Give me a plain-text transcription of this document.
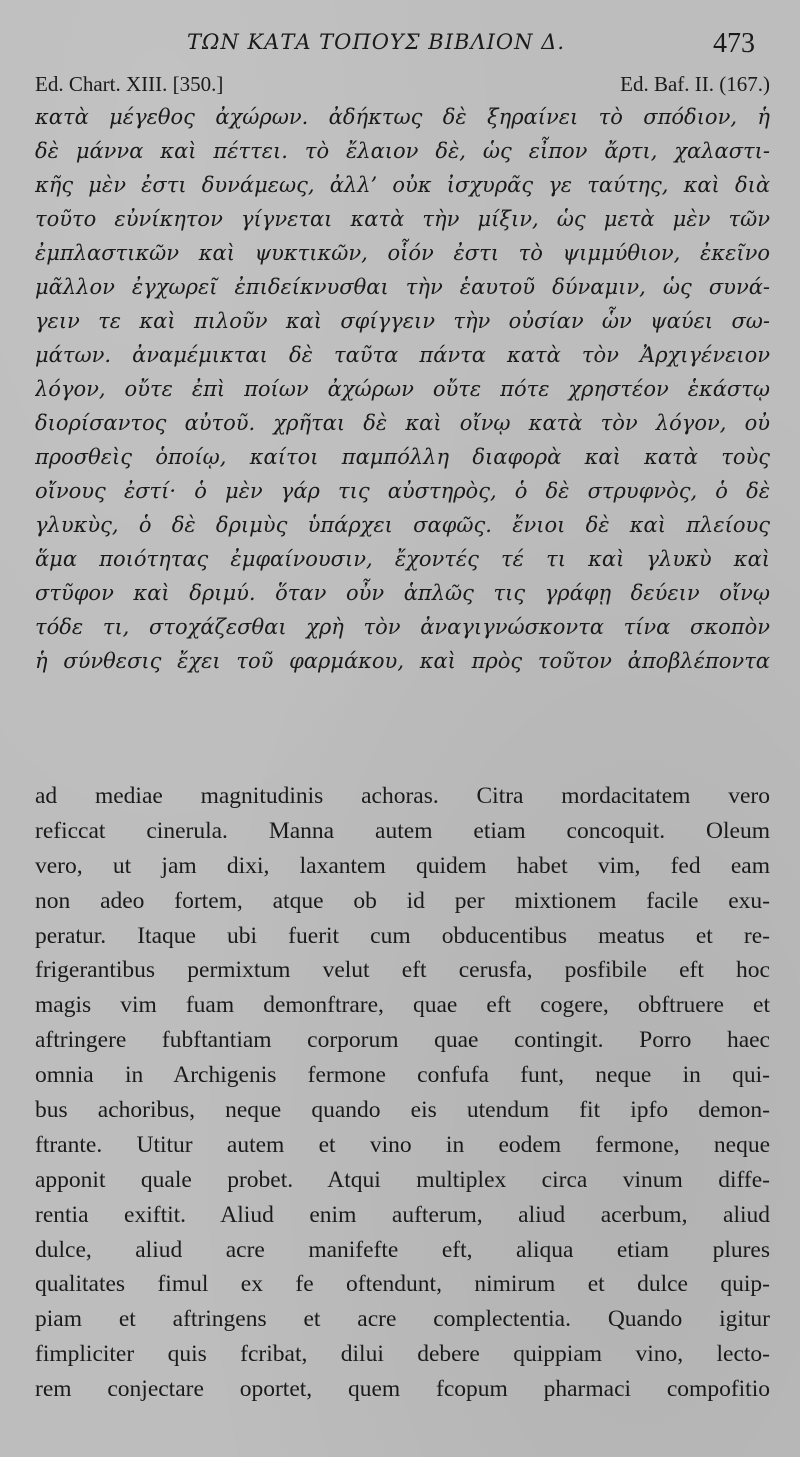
ΤΩΝ ΚΑΤΑ ΤΟΠΟΥΣ ΒΙΒΛΙΟΝ Δ.	473
Ed. Chart. XIII. [350.]	Ed. Baf. II. (167.)
κατὰ μέγεθος ἀχώρων. ἀδήκτως δὲ ξηραίνει τὸ σπόδιον, ἡ
δὲ μάννα καὶ πέττει. τὸ ἔλαιον δὲ, ὡς εἶπον ἄρτι, χαλαστι-
κῆς μὲν ἐστι δυνάμεως, ἀλλ’ οὐκ ἰσχυρᾶς γε ταύτης, καὶ διὰ
τοῦτο εὐνίκητον γίγνεται κατὰ τὴν μίξιν, ὡς μετὰ μὲν τῶν
ἐμπλαστικῶν καὶ ψυκτικῶν, οἷόν ἐστι τὸ ψιμμύθιον, ἐκεῖνο
μᾶλλον ἐγχωρεῖ ἐπιδείκνυσθαι τὴν ἑαυτοῦ δύναμιν, ὡς συνά-
γειν τε καὶ πιλοῦν καὶ σφίγγειν τὴν οὐσίαν ὧν ψαύει σω-
μάτων. ἀναμέμικται δὲ ταῦτα πάντα κατὰ τὸν Ἀρχιγένειον
λόγον, οὔτε ἐπὶ ποίων ἀχώρων οὔτε πότε χρηστέον ἑκάστῳ
διορίσαντος αὐτοῦ. χρῆται δὲ καὶ οἴνῳ κατὰ τὸν λόγον, οὐ
προσθεὶς ὁποίῳ, καίτοι παμπόλλη διαφορὰ καὶ κατὰ τοὺς
οἴνους ἐστί· ὁ μὲν γάρ τις αὐστηρὸς, ὁ δὲ στρυφνὸς, ὁ δὲ
γλυκὺς, ὁ δὲ δριμὺς ὑπάρχει σαφῶς. ἔνιοι δὲ καὶ πλείους
ἅμα ποιότητας ἐμφαίνουσιν, ἔχοντές τέ τι καὶ γλυκὺ καὶ
στῦφον καὶ δριμύ. ὅταν οὖν ἁπλῶς τις γράφῃ δεύειν οἴνῳ
τόδε τι, στοχάζεσθαι χρὴ τὸν ἀναγιγνώσκοντα τίνα σκοπὸν
ἡ σύνθεσις ἔχει τοῦ φαρμάκου, καὶ πρὸς τοῦτον ἀποβλέποντα
ad mediae magnitudinis achoras. Citra mordacitatem vero
reficcat cinerula. Manna autem etiam concoquit. Oleum
vero, ut jam dixi, laxantem quidem habet vim, fed eam
non adeo fortem, atque ob id per mixtionem facile exu-
peratur. Itaque ubi fuerit cum obducentibus meatus et re-
frigerantibus permixtum velut eft cerusfa, posfibile eft hoc
magis vim fuam demonftrare, quae eft cogere, obftruere et
aftringere fubftantiam corporum quae contingit. Porro haec
omnia in Archigenis fermone confufa funt, neque in qui-
bus achoribus, neque quando eis utendum fit ipfo demon-
ftrante. Utitur autem et vino in eodem fermone, neque
apponit quale probet. Atqui multiplex circa vinum diffe-
rentia exiftit. Aliud enim aufterum, aliud acerbum, aliud
dulce, aliud acre manifefte eft, aliqua etiam plures
qualitates fimul ex fe oftendunt, nimirum et dulce quip-
piam et aftringens et acre complectentia. Quando igitur
fimpliciter quis fcribat, dilui debere quippiam vino, lecto-
rem conjectare oportet, quem fcopum pharmaci compofitio
